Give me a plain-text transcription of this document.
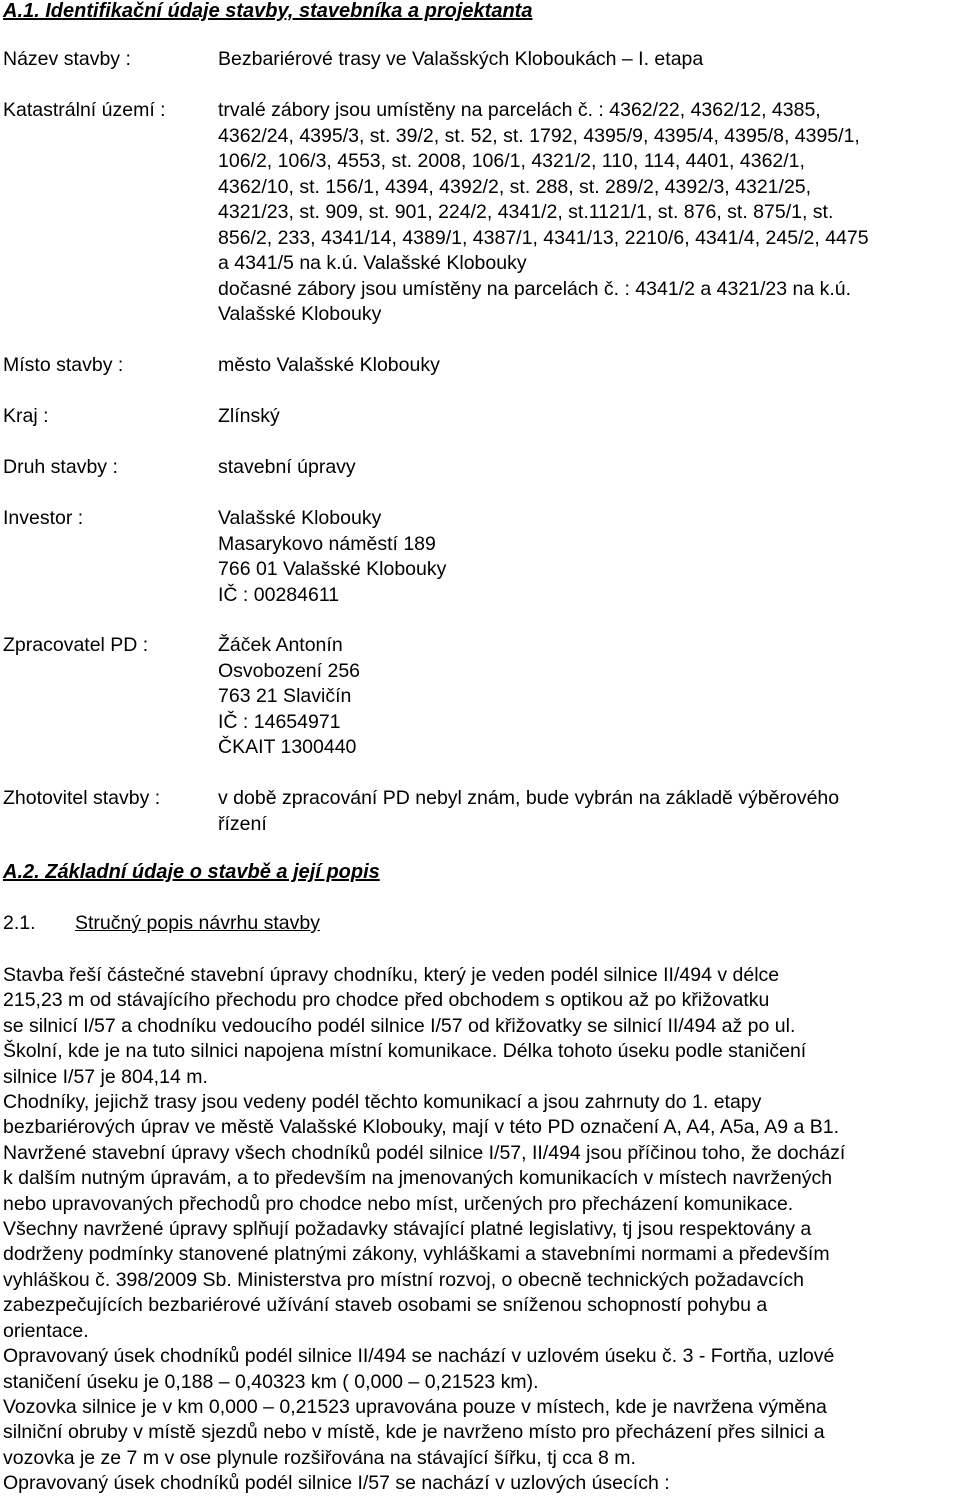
A.1. Identifikační údaje stavby, stavebníka a projektanta
Název stavby :	Bezbariérové trasy ve Valašských Kloboukách – I. etapa
Katastrální území :	trvalé zábory jsou umístěny na parcelách č. : 4362/22, 4362/12, 4385,
4362/24, 4395/3, st. 39/2, st. 52, st. 1792, 4395/9, 4395/4, 4395/8, 4395/1,
106/2, 106/3, 4553, st. 2008, 106/1, 4321/2, 110, 114, 4401, 4362/1,
4362/10, st. 156/1, 4394, 4392/2, st. 288, st. 289/2, 4392/3, 4321/25,
4321/23, st. 909, st. 901, 224/2, 4341/2, st.1121/1, st. 876, st. 875/1, st.
856/2, 233, 4341/14, 4389/1, 4387/1, 4341/13, 2210/6, 4341/4, 245/2, 4475
a 4341/5 na k.ú. Valašské Klobouky
dočasné zábory jsou umístěny na parcelách č. : 4341/2 a 4321/23 na k.ú.
Valašské Klobouky
Místo stavby :	město Valašské Klobouky
Kraj :	Zlínský
Druh stavby :	stavební úpravy
Investor :	Valašské Klobouky
Masarykovo náměstí 189
766 01 Valašské Klobouky
IČ : 00284611
Zpracovatel PD :	Žáček Antonín
Osvobození 256
763 21 Slavičín
IČ : 14654971
ČKAIT 1300440
Zhotovitel stavby :	v době zpracování PD nebyl znám, bude vybrán na základě výběrového
řízení
A.2. Základní údaje o stavbě a její popis
2.1. Stručný popis návrhu stavby
Stavba řeší částečné stavební úpravy chodníku, který je veden podél silnice II/494 v délce
215,23 m od stávajícího přechodu pro chodce před obchodem s optikou až po křižovatku
se silnicí I/57 a chodníku vedoucího podél silnice I/57 od křižovatky se silnicí II/494 až po ul.
Školní, kde je na tuto silnici napojena místní komunikace. Délka tohoto úseku podle staničení
silnice I/57 je 804,14 m.
Chodníky, jejichž trasy jsou vedeny podél těchto komunikací a jsou zahrnuty do 1. etapy
bezbariérových úprav ve městě Valašské Klobouky, mají v této PD označení A, A4, A5a, A9 a B1.
Navržené stavební úpravy všech chodníků podél silnice I/57, II/494 jsou příčinou toho, že dochází
k dalším nutným úpravám, a to především na jmenovaných komunikacích v místech navržených
nebo upravovaných přechodů pro chodce nebo míst, určených pro přecházení komunikace.
Všechny navržené úpravy splňují požadavky stávající platné legislativy, tj jsou respektovány a
dodrženy podmínky stanovené platnými zákony, vyhláškami a stavebními normami a především
vyhláškou č. 398/2009 Sb. Ministerstva pro místní rozvoj, o obecně technických požadavcích
zabezpečujících bezbariérové užívání staveb osobami se sníženou schopností pohybu a
orientace.
Opravovaný úsek chodníků podél silnice II/494 se nachází v uzlovém úseku č. 3 - Fortňa, uzlové
staničení úseku je 0,188 – 0,40323 km ( 0,000 – 0,21523 km).
Vozovka silnice je v km 0,000 – 0,21523 upravována pouze v místech, kde je navržena výměna
silniční obruby v místě sjezdů nebo v místě, kde je navrženo místo pro přecházení přes silnici a
vozovka je ze 7 m v ose plynule rozšiřována na stávající šířku, tj cca 8 m.
Opravovaný úsek chodníků podél silnice I/57 se nachází v uzlových úsecích :
